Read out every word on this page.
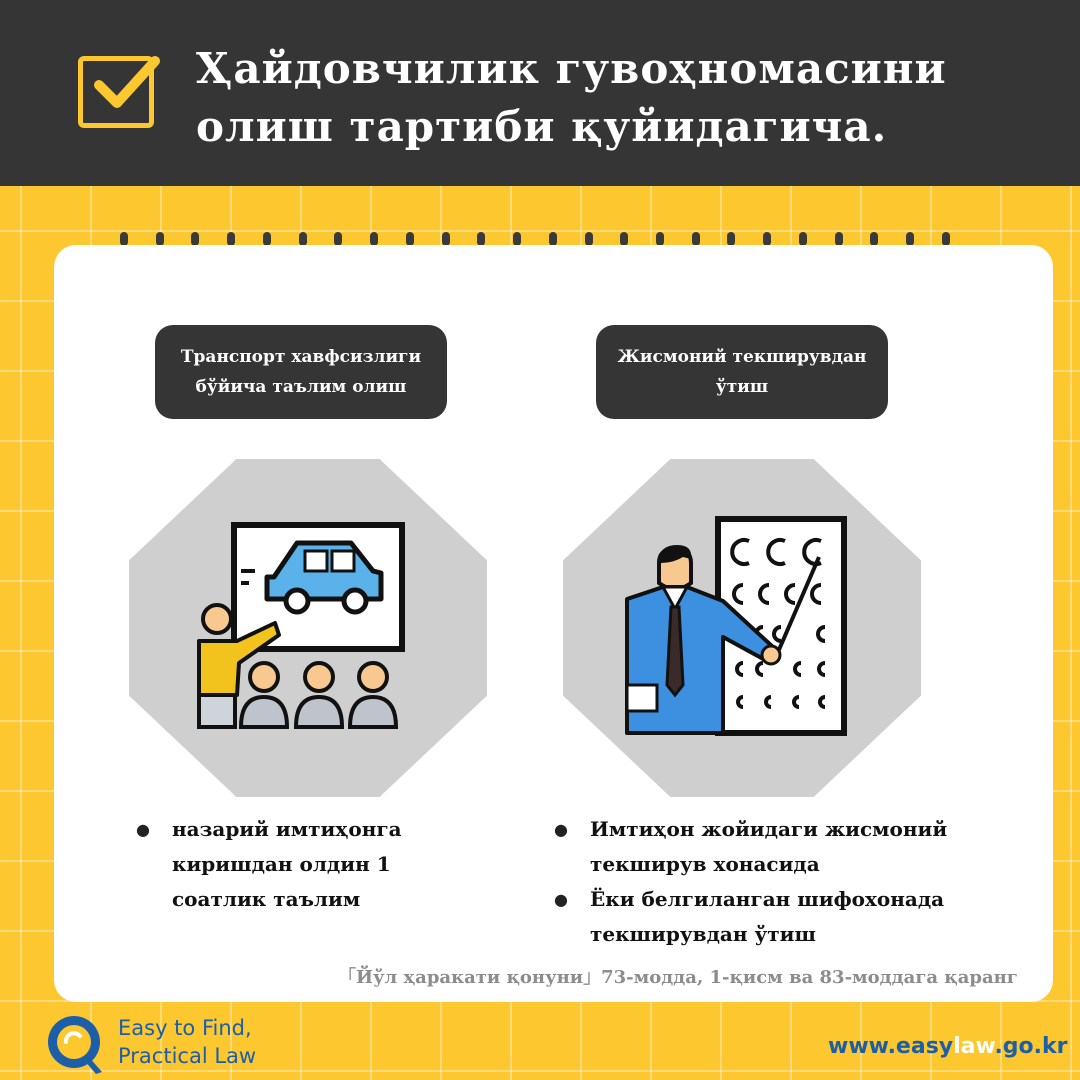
Ҳайдовчилик гувоҳномасини
олиш тартиби қуйидагича.
Транспорт хавфсизлиги
бўйича таълим олиш
● назарий имтиҳонга киришдан олдин 1 соатлик таълим
Жисмоний текширувдан
ўтиш
● Имтиҳон жойидаги жисмоний текширув хонасида
● Ёки белгиланган шифохонада текширувдан ўтиш
「Йўл ҳаракати қонуни」73-модда, 1-қисм ва 83-моддага қаранг
Easy to Find,
Practical Law	www.easylaw.go.kr
